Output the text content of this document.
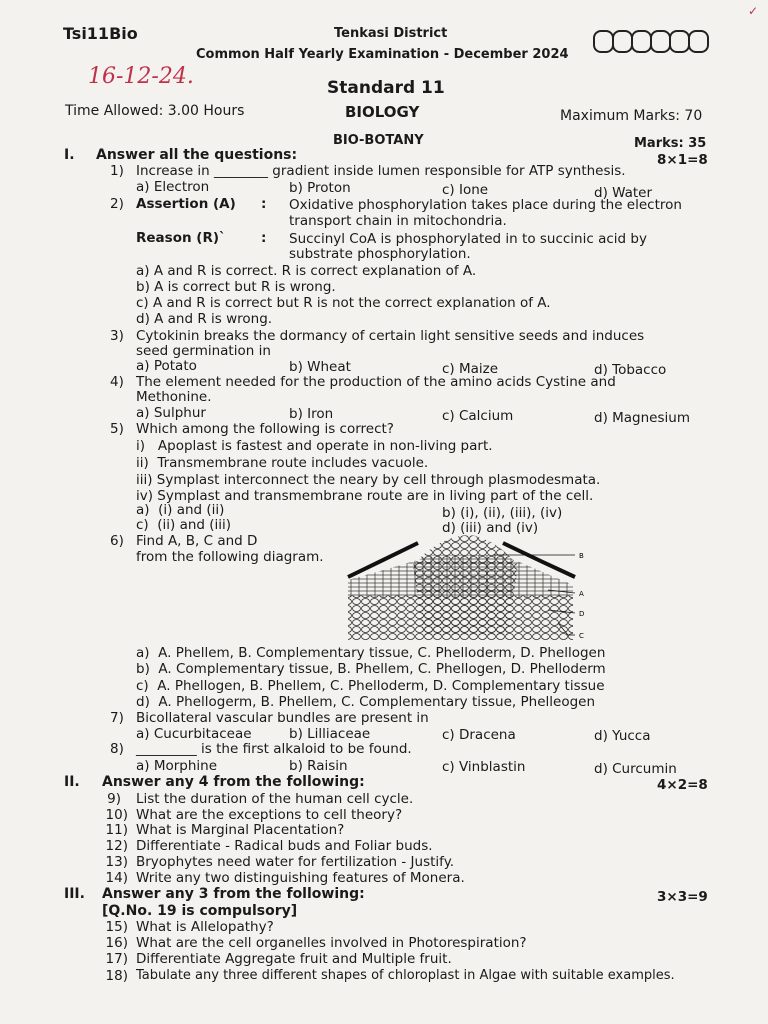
✓
Tsi11Bio	Tenkasi District
Common Half Yearly Examination - December 2024
16-12-24.	Standard 11
BIOLOGY
Time Allowed: 3.00 Hours	Maximum Marks: 70
BIO-BOTANY	Marks: 35
I. Answer all the questions:	8×1=8
1) Increase in ________ gradient inside lumen responsible for ATP synthesis.
a) Electron	b) Proton	c) Ione	d) Water
2) Assertion (A) : Oxidative phosphorylation takes place during the electron
transport chain in mitochondria.
Reason (R)`	: Succinyl CoA is phosphorylated in to succinic acid by
substrate phosphorylation.
a) A and R is correct. R is correct explanation of A.
b) A is correct but R is wrong.
c) A and R is correct but R is not the correct explanation of A.
d) A and R is wrong.
3) Cytokinin breaks the dormancy of certain light sensitive seeds and induces
seed germination in
a) Potato	b) Wheat	c) Maize	d) Tobacco
4) The element needed for the production of the amino acids Cystine and
Methonine.
a) Sulphur	b) Iron	c) Calcium	d) Magnesium
5) Which among the following is correct?
i)   Apoplast is fastest and operate in non-living part.
ii)  Transmembrane route includes vacuole.
iii) Symplast interconnect the neary by cell through plasmodesmata.
iv) Symplast and transmembrane route are in living part of the cell.
a)  (i) and (ii)	b) (i), (ii), (iii), (iv)
c)  (ii) and (iii)	d) (iii) and (iv)
6) Find A, B, C and D
from the following diagram.	B
A
D
C
a)  A. Phellem, B. Complementary tissue, C. Phelloderm, D. Phellogen
b)  A. Complementary tissue, B. Phellem, C. Phellogen, D. Phelloderm
c)  A. Phellogen, B. Phellem, C. Phelloderm, D. Complementary tissue
d)  A. Phellogerm, B. Phellem, C. Complementary tissue, Phelleogen
7) Bicollateral vascular bundles are present in
a) Cucurbitaceae	b) Lilliaceae	c) Dracena	d) Yucca
8) _________ is the first alkaloid to be found.
a) Morphine	b) Raisin	c) Vinblastin	d) Curcumin
II. Answer any 4 from the following:	4×2=8
9) List the duration of the human cell cycle.
10) What are the exceptions to cell theory?
11) What is Marginal Placentation?
12) Differentiate - Radical buds and Foliar buds.
13) Bryophytes need water for fertilization - Justify.
14) Write any two distinguishing features of Monera.
III. Answer any 3 from the following:	3×3=9
[Q.No. 19 is compulsory]
15) What is Allelopathy?
16) What are the cell organelles involved in Photorespiration?
17) Differentiate Aggregate fruit and Multiple fruit.
18) Tabulate any three different shapes of chloroplast in Algae with suitable examples.
